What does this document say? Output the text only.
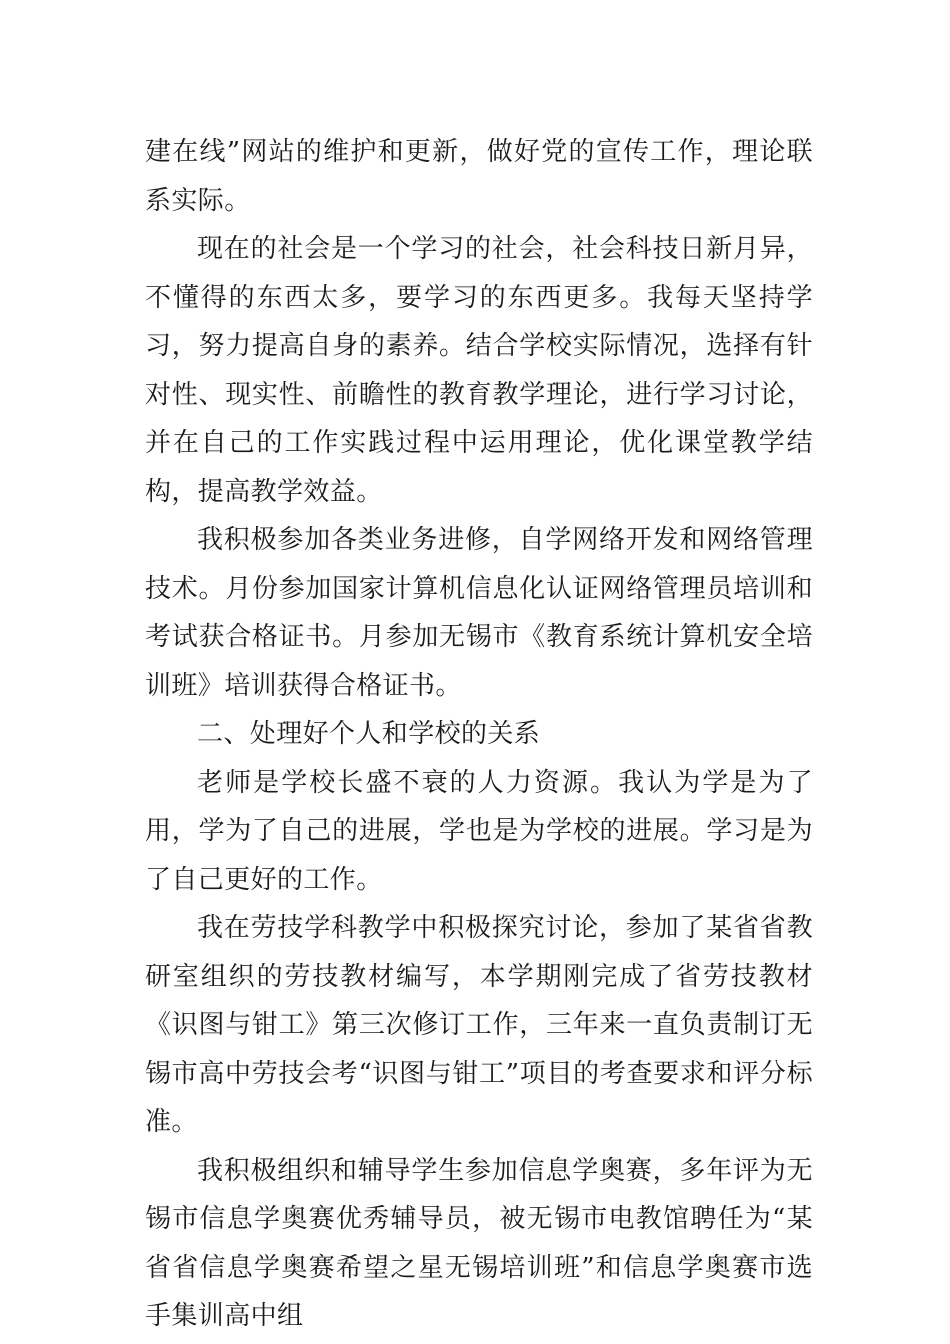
建在线”网站的维护和更新，做好党的宣传工作，理论联系实际。

现在的社会是一个学习的社会，社会科技日新月异，不懂得的东西太多，要学习的东西更多。我每天坚持学习，努力提高自身的素养。结合学校实际情况，选择有针对性、现实性、前瞻性的教育教学理论，进行学习讨论，并在自己的工作实践过程中运用理论，优化课堂教学结构，提高教学效益。

我积极参加各类业务进修，自学网络开发和网络管理技术。月份参加国家计算机信息化认证网络管理员培训和考试获合格证书。月参加无锡市《教育系统计算机安全培训班》培训获得合格证书。

二、处理好个人和学校的关系

老师是学校长盛不衰的人力资源。我认为学是为了用，学为了自己的进展，学也是为学校的进展。学习是为了自己更好的工作。

我在劳技学科教学中积极探究讨论，参加了某省省教研室组织的劳技教材编写，本学期刚完成了省劳技教材《识图与钳工》第三次修订工作，三年来一直负责制订无锡市高中劳技会考“识图与钳工”项目的考查要求和评分标准。

我积极组织和辅导学生参加信息学奥赛，多年评为无锡市信息学奥赛优秀辅导员，被无锡市电教馆聘任为“某省省信息学奥赛希望之星无锡培训班”和信息学奥赛市选手集训高中组
